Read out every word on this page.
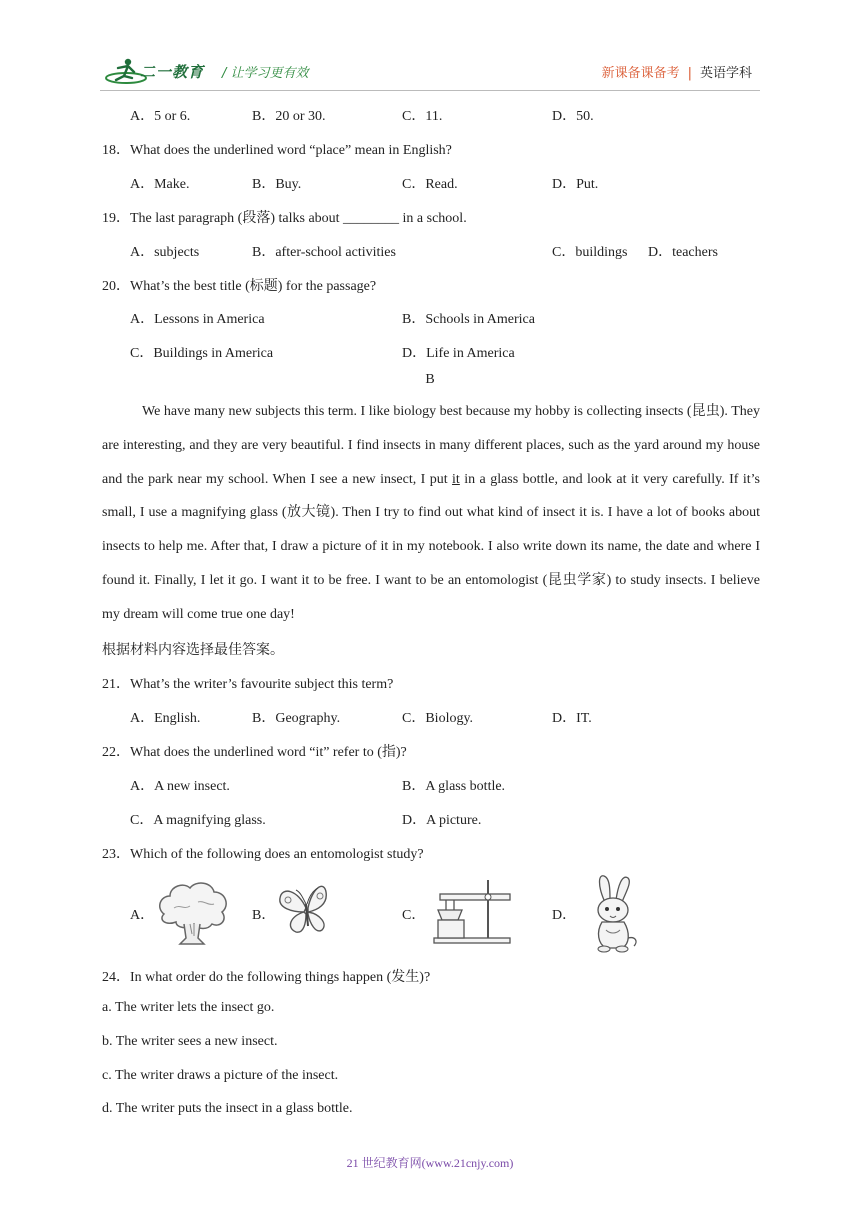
二一教育 / 让学习更有效	新课备课备考 | 英语学科
A．5 or 6.	B．20 or 30.	C．11.	D．50.
18．What does the underlined word “place” mean in English?
A．Make.	B．Buy.	C．Read.	D．Put.
19．The last paragraph (段落) talks about ________ in a school.
A．subjects	B．after-school activities	C．buildings D．teachers
20．What’s the best title (标题) for the passage?
A．Lessons in America	B．Schools in America
C．Buildings in America	D．Life in America
B
We have many new subjects this term. I like biology best because my hobby is collecting insects (昆虫). They are interesting, and they are very beautiful. I find insects in many different places, such as the yard around my house and the park near my school. When I see a new insect, I put it in a glass bottle, and look at it very carefully. If it’s small, I use a magnifying glass (放大镜). Then I try to find out what kind of insect it is. I have a lot of books about insects to help me. After that, I draw a picture of it in my notebook. I also write down its name, the date and where I found it. Finally, I let it go. I want it to be free. I want to be an entomologist (昆虫学家) to study insects. I believe my dream will come true one day!
根据材料内容选择最佳答案。
21．What’s the writer’s favourite subject this term?
A．English.	B．Geography.	C．Biology.	D．IT.
22．What does the underlined word “it” refer to (指)?
A．A new insect.	B．A glass bottle.
C．A magnifying glass.	D．A picture.
23．Which of the following does an entomologist study?
A．	B．	C．	D．
24．In what order do the following things happen (发生)?
a. The writer lets the insect go.
b. The writer sees a new insect.
c. The writer draws a picture of the insect.
d. The writer puts the insect in a glass bottle.
21 世纪教育网(www.21cnjy.com)
